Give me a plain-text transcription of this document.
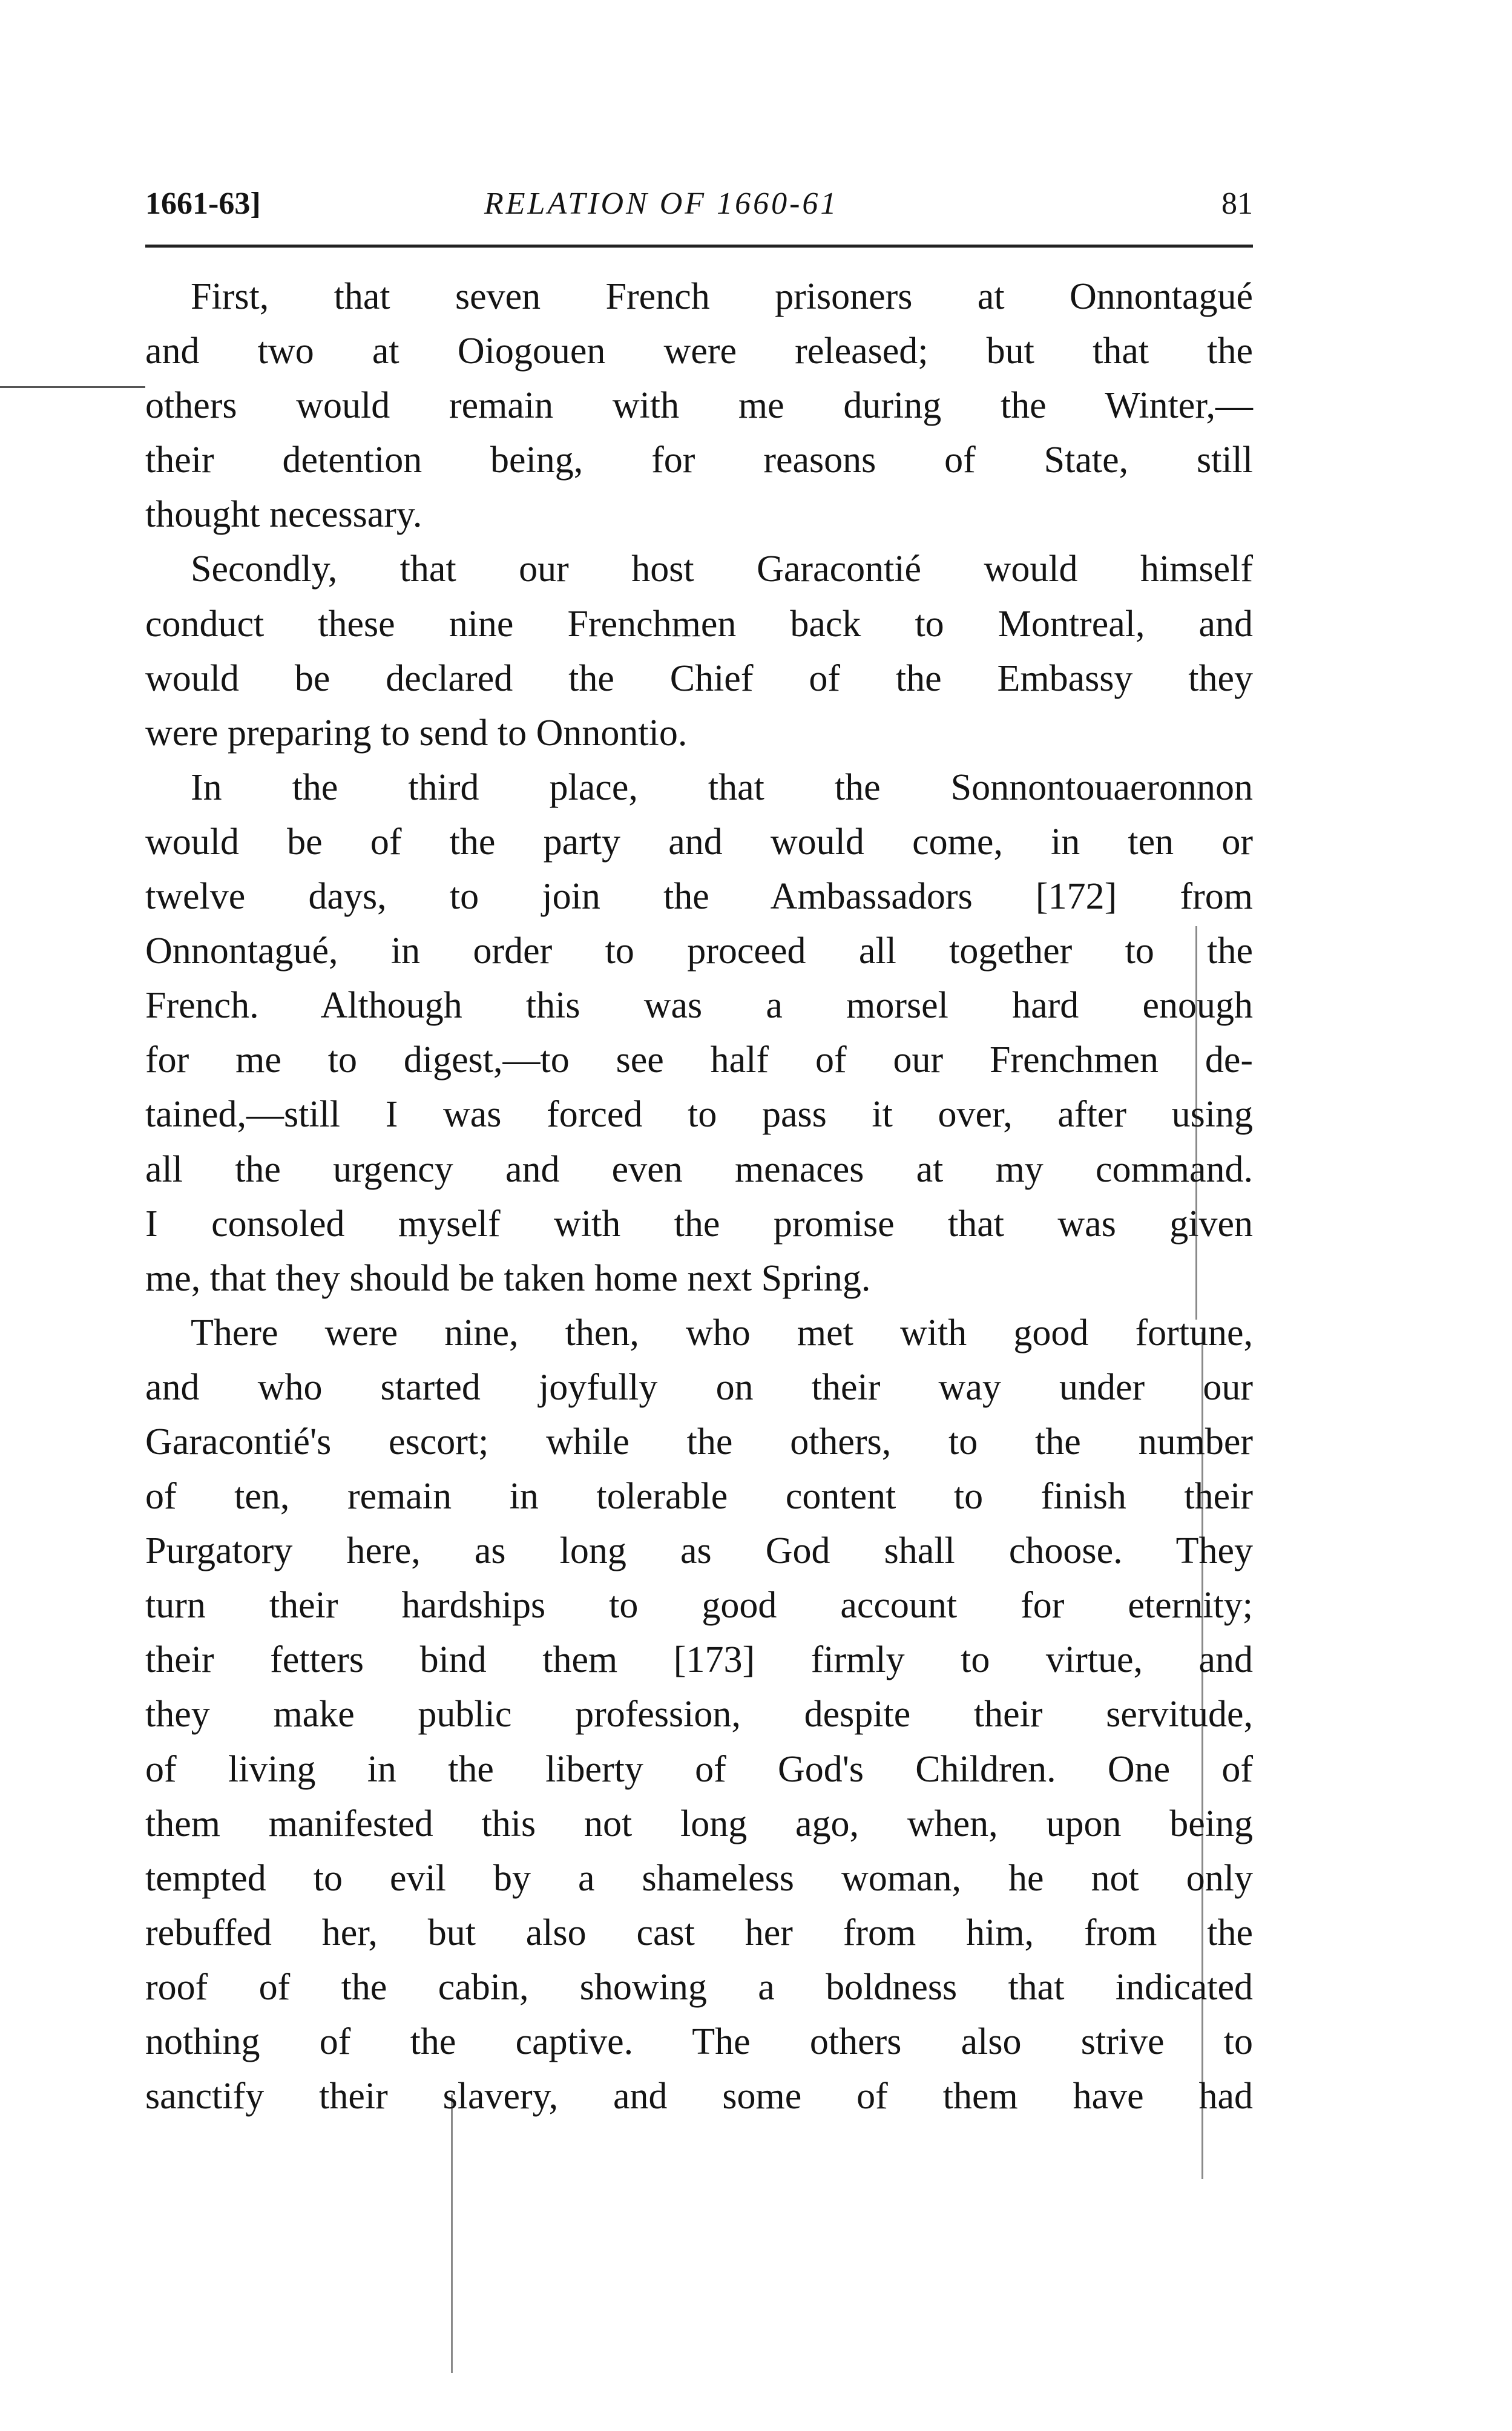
1661-63]	RELATION OF 1660-61	81
First, that seven French prisoners at Onnontagué
and two at Oiogouen were released; but that the
others would remain with me during the Winter,—
their detention being, for reasons of State, still
thought necessary.
Secondly, that our host Garacontié would himself
conduct these nine Frenchmen back to Montreal, and
would be declared the Chief of the Embassy they
were preparing to send to Onnontio.
In the third place, that the Sonnontouaeronnon
would be of the party and would come, in ten or
twelve days, to join the Ambassadors [172] from
Onnontagué, in order to proceed all together to the
French. Although this was a morsel hard enough
for me to digest,—to see half of our Frenchmen de-
tained,—still I was forced to pass it over, after using
all the urgency and even menaces at my command.
I consoled myself with the promise that was given
me, that they should be taken home next Spring.
There were nine, then, who met with good fortune,
and who started joyfully on their way under our
Garacontié's escort; while the others, to the number
of ten, remain in tolerable content to finish their
Purgatory here, as long as God shall choose. They
turn their hardships to good account for eternity;
their fetters bind them [173] firmly to virtue, and
they make public profession, despite their servitude,
of living in the liberty of God's Children. One of
them manifested this not long ago, when, upon being
tempted to evil by a shameless woman, he not only
rebuffed her, but also cast her from him, from the
roof of the cabin, showing a boldness that indicated
nothing of the captive. The others also strive to
sanctify their slavery, and some of them have had
